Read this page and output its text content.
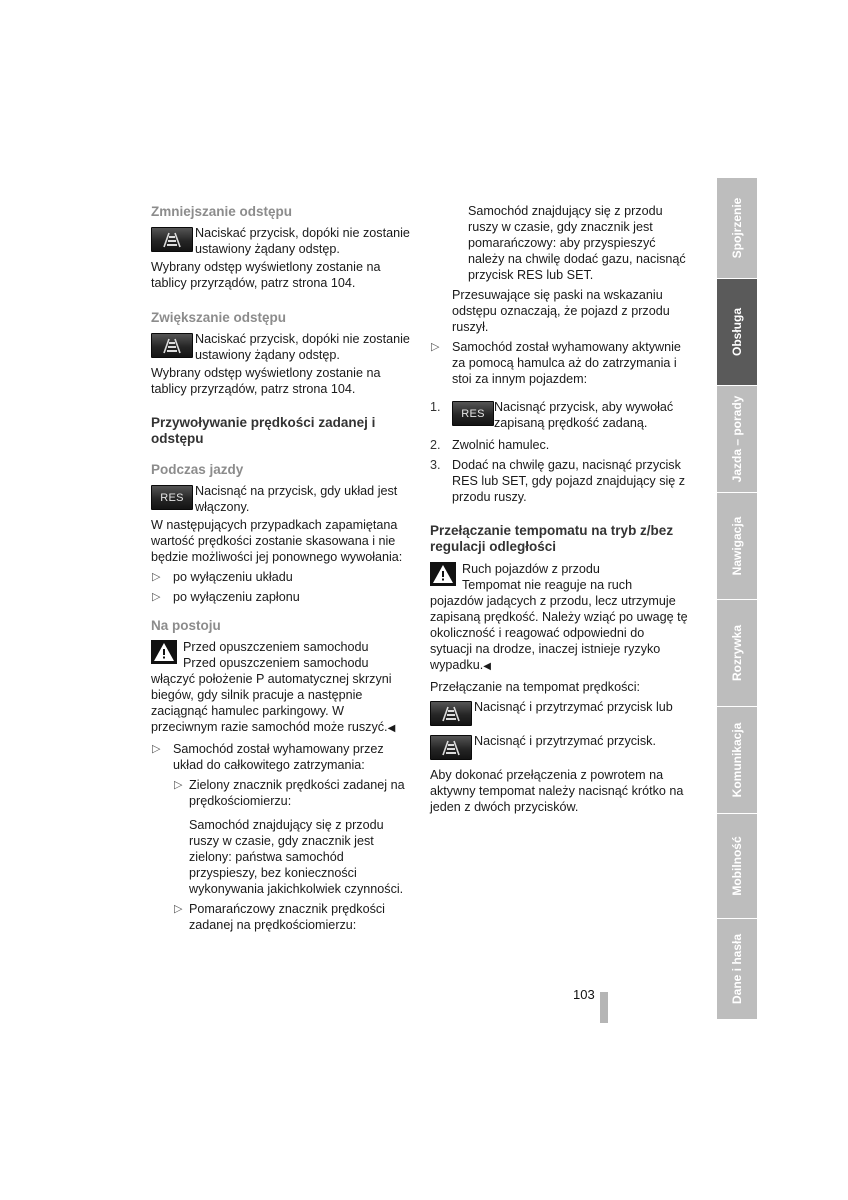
Zmniejszanie odstępu
Naciskać przycisk, dopóki nie zostanie ustawiony żądany odstęp.

Wybrany odstęp wyświetlony zostanie na tablicy przyrządów, patrz strona 104.

Zwiększanie odstępu
Naciskać przycisk, dopóki nie zostanie ustawiony żądany odstęp.

Wybrany odstęp wyświetlony zostanie na tablicy przyrządów, patrz strona 104.

Przywoływanie prędkości zadanej i odstępu
Podczas jazdy
RES Nacisnąć na przycisk, gdy układ jest włączony.

W następujących przypadkach zapamiętana wartość prędkości zostanie skasowana i nie będzie możliwości jej ponownego wywołania:

▷ po wyłączeniu układu
▷ po wyłączeniu zapłonu
Na postoju
Przed opuszczeniem samochodu
Przed opuszczeniem samochodu włączyć położenie P automatycznej skrzyni biegów, gdy silnik pracuje a następnie zaciągnąć hamulec parkingowy. W przeciwnym razie samochód może ruszyć.◀
▷ Samochód został wyhamowany przez układ do całkowitego zatrzymania:
▷ Zielony znacznik prędkości zadanej na prędkościomierzu:

Samochód znajdujący się z przodu ruszy w czasie, gdy znacznik jest zielony: państwa samochód przyspieszy, bez konieczności wykonywania jakichkolwiek czynności.

▷ Pomarańczowy znacznik prędkości zadanej na prędkościomierzu:

Samochód znajdujący się z przodu ruszy w czasie, gdy znacznik jest pomarańczowy: aby przyspieszyć należy na chwilę dodać gazu, nacisnąć przycisk RES lub SET.

Przesuwające się paski na wskazaniu odstępu oznaczają, że pojazd z przodu ruszył.

▷ Samochód został wyhamowany aktywnie za pomocą hamulca aż do zatrzymania i stoi za innym pojazdem:
1.	RES Nacisnąć przycisk, aby wywołać zapisaną prędkość zadaną.
2. Zwolnić hamulec.
3. Dodać na chwilę gazu, nacisnąć przycisk RES lub SET, gdy pojazd znajdujący się z przodu ruszy.
Przełączanie tempomatu na tryb z/bez regulacji odległości
Ruch pojazdów z przodu
Tempomat nie reaguje na ruch pojazdów jadących z przodu, lecz utrzymuje zapisaną prędkość. Należy wziąć po uwagę tę okoliczność i reagować odpowiedni do sytuacji na drodze, inaczej istnieje ryzyko wypadku.◀

Przełączanie na tempomat prędkości:

Nacisnąć i przytrzymać przycisk lub
Nacisnąć i przytrzymać przycisk.

Aby dokonać przełączenia z powrotem na aktywny tempomat należy nacisnąć krótko na jeden z dwóch przycisków.

103
Spojrzenie
Obsługa
Jazda – porady
Nawigacja
Rozrywka
Komunikacja
Mobilność
Dane i hasła
